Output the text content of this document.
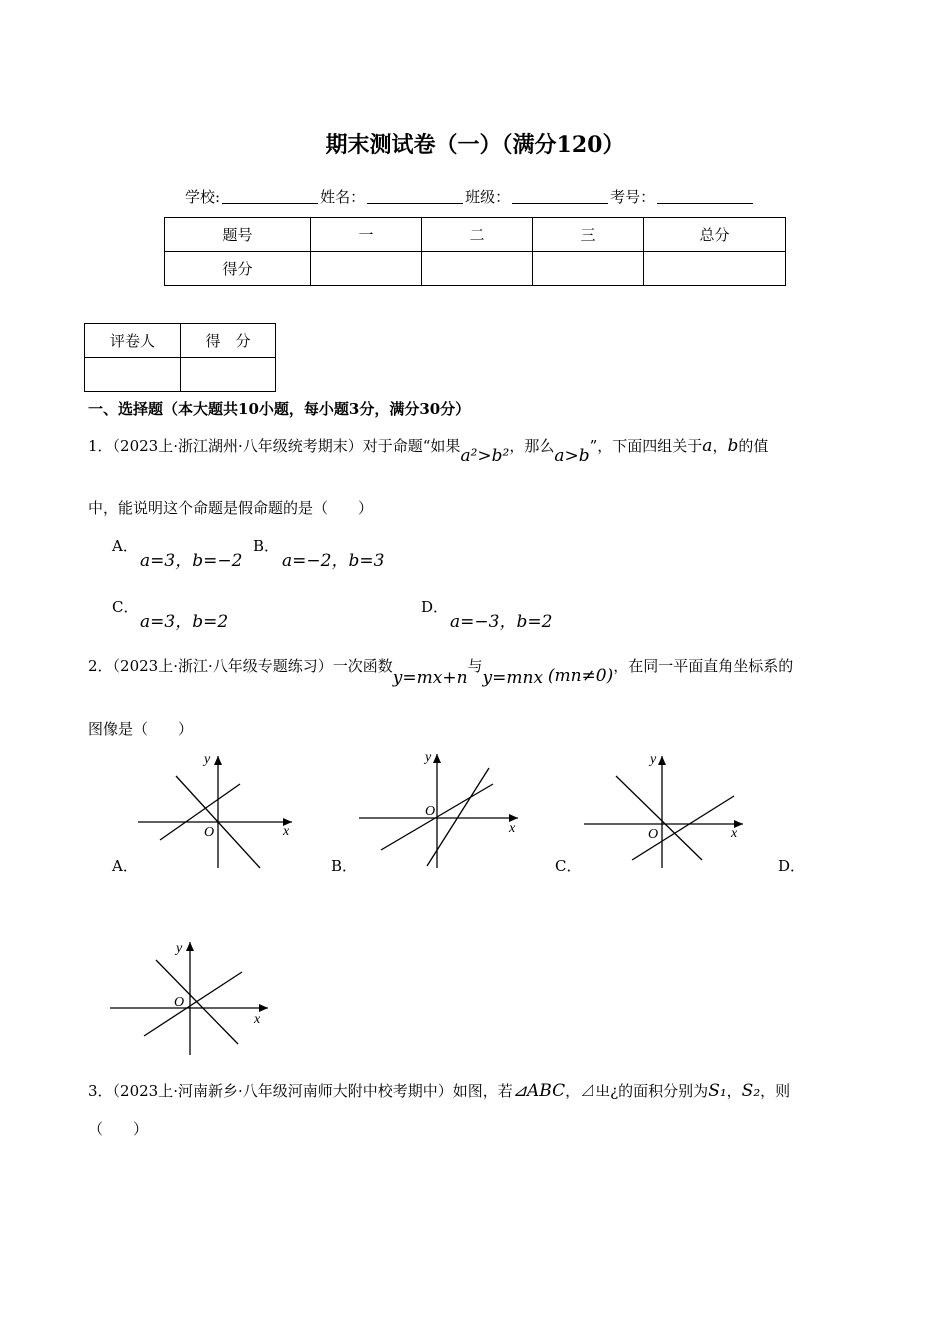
期末测试卷（一）（满分120）
学校:	姓名：	班级：	考号：
题号	一	二	三	总分
得分				
评卷人	得　分

一、选择题（本大题共10小题，每小题3分，满分30分）
1．（2023上·浙江湖州·八年级统考期末）对于命题“如果a²>b²，那么a>b”，下面四组关于a，b的值
中，能说明这个命题是假命题的是（　　）
A．
a=3，b=−2
B．
a=−2，b=3
C．
a=3，b=2
D．
a=−3，b=2
2．（2023上·浙江·八年级专题练习）一次函数y=mx+n与y=mnx (mn≠0)，在同一平面直角坐标系的
图像是（　　）
y
x
O
A．
y
x
O
B．
y
x
O
C．	D．
y
x
O
3．（2023上·河南新乡·八年级河南师大附中校考期中）如图，若⊿ABC，⊿㞢¿的面积分别为S₁，S₂，则
（　　）
